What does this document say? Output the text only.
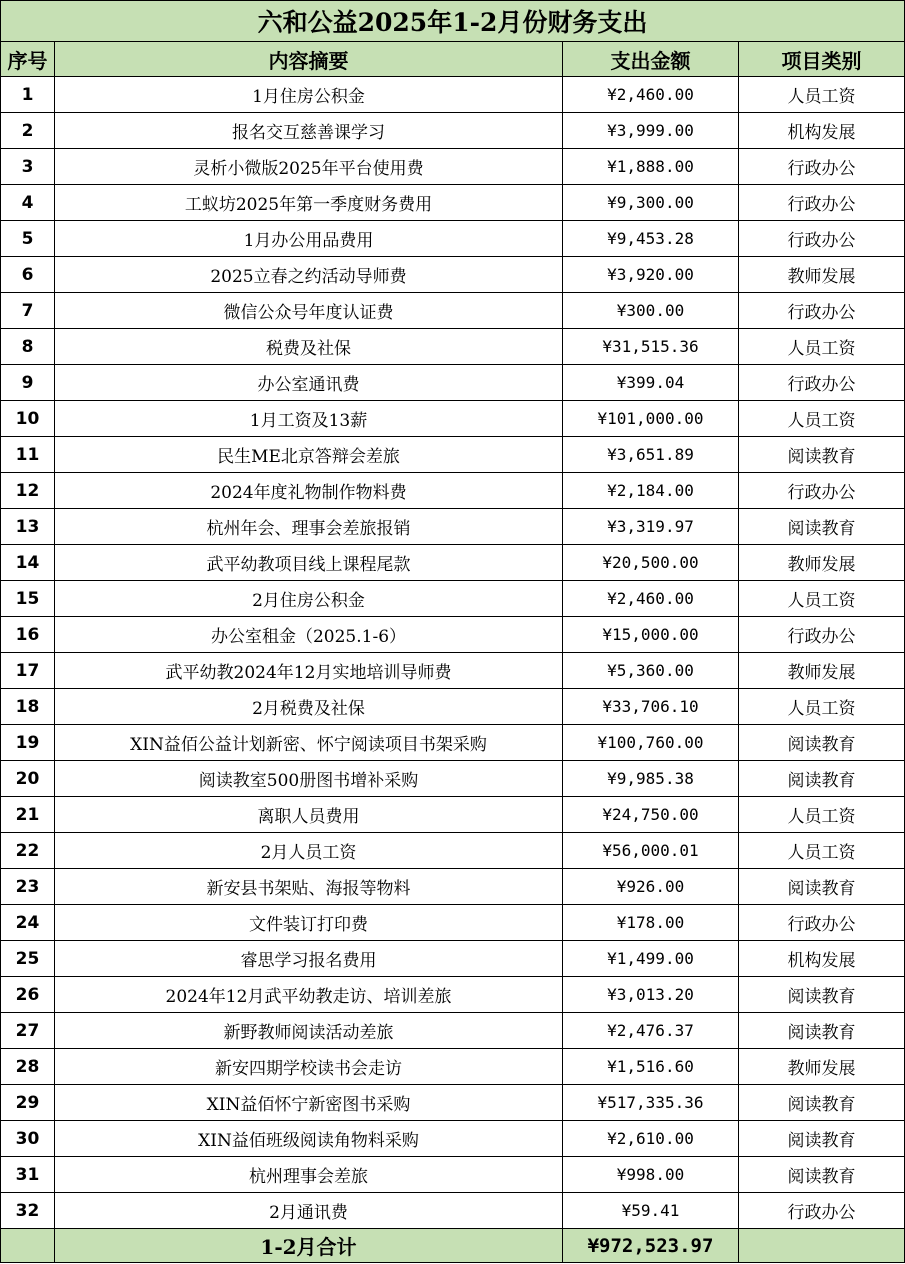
六和公益2025年1-2月份财务支出			
序号	内容摘要	支出金额	项目类别
1	1月住房公积金	¥2,460.00	人员工资
2	报名交互慈善课学习	¥3,999.00	机构发展
3	灵析小微版2025年平台使用费	¥1,888.00	行政办公
4	工蚁坊2025年第一季度财务费用	¥9,300.00	行政办公
5	1月办公用品费用	¥9,453.28	行政办公
6	2025立春之约活动导师费	¥3,920.00	教师发展
7	微信公众号年度认证费	¥300.00	行政办公
8	税费及社保	¥31,515.36	人员工资
9	办公室通讯费	¥399.04	行政办公
10	1月工资及13薪	¥101,000.00	人员工资
11	民生ME北京答辩会差旅	¥3,651.89	阅读教育
12	2024年度礼物制作物料费	¥2,184.00	行政办公
13	杭州年会、理事会差旅报销	¥3,319.97	阅读教育
14	武平幼教项目线上课程尾款	¥20,500.00	教师发展
15	2月住房公积金	¥2,460.00	人员工资
16	办公室租金（2025.1-6）	¥15,000.00	行政办公
17	武平幼教2024年12月实地培训导师费	¥5,360.00	教师发展
18	2月税费及社保	¥33,706.10	人员工资
19	XIN益佰公益计划新密、怀宁阅读项目书架采购	¥100,760.00	阅读教育
20	阅读教室500册图书增补采购	¥9,985.38	阅读教育
21	离职人员费用	¥24,750.00	人员工资
22	2月人员工资	¥56,000.01	人员工资
23	新安县书架贴、海报等物料	¥926.00	阅读教育
24	文件装订打印费	¥178.00	行政办公
25	睿思学习报名费用	¥1,499.00	机构发展
26	2024年12月武平幼教走访、培训差旅	¥3,013.20	阅读教育
27	新野教师阅读活动差旅	¥2,476.37	阅读教育
28	新安四期学校读书会走访	¥1,516.60	教师发展
29	XIN益佰怀宁新密图书采购	¥517,335.36	阅读教育
30	XIN益佰班级阅读角物料采购	¥2,610.00	阅读教育
31	杭州理事会差旅	¥998.00	阅读教育
32	2月通讯费	¥59.41	行政办公
	1-2月合计	¥972,523.97	
